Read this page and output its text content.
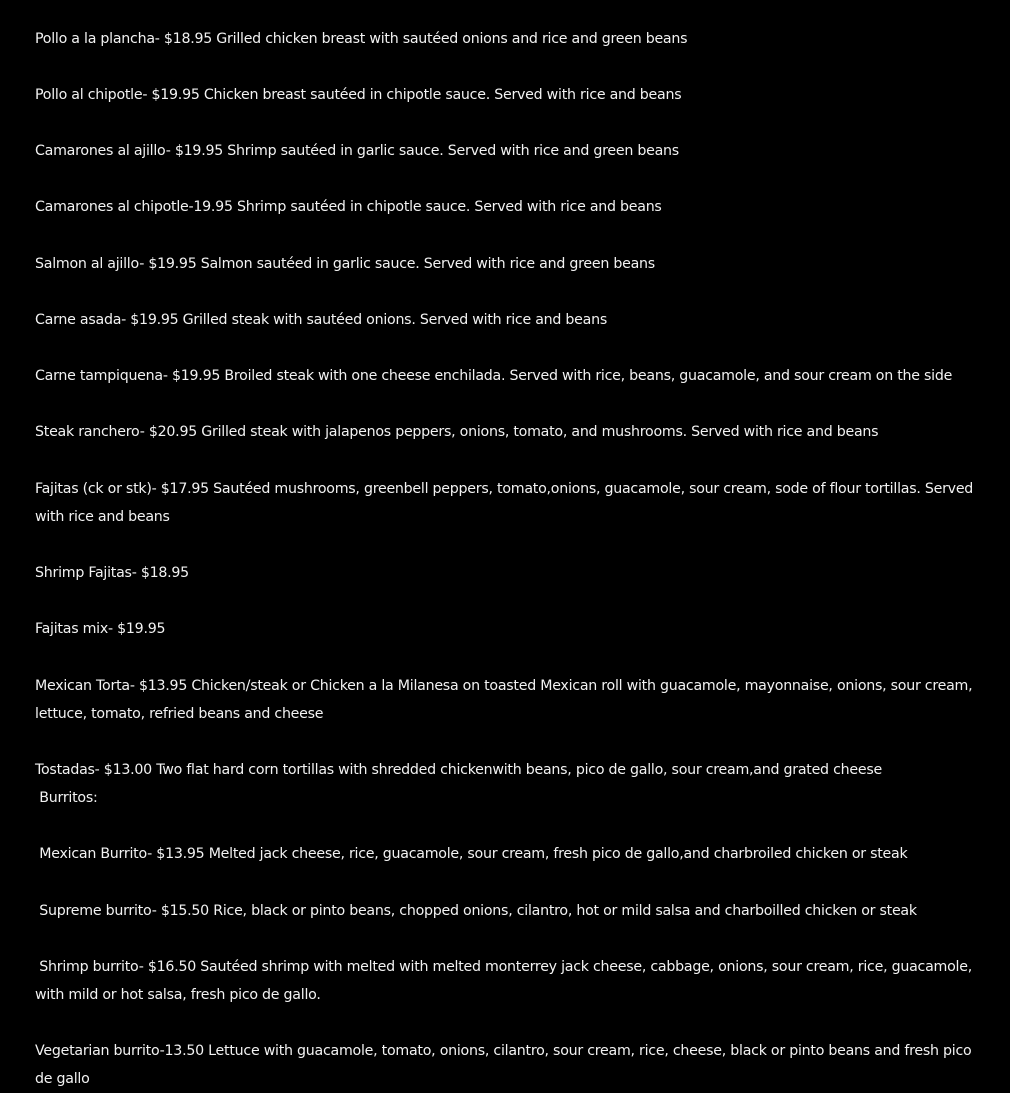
Pollo a la plancha- $18.95 Grilled chicken breast with sautéed onions and rice and green beans
Pollo al chipotle- $19.95 Chicken breast sautéed in chipotle sauce. Served with rice and beans
Camarones al ajillo- $19.95 Shrimp sautéed in garlic sauce. Served with rice and green beans
Camarones al chipotle-19.95 Shrimp sautéed in chipotle sauce. Served with rice and beans
Salmon al ajillo- $19.95 Salmon sautéed in garlic sauce. Served with rice and green beans
Carne asada- $19.95 Grilled steak with sautéed onions. Served with rice and beans
Carne tampiquena- $19.95 Broiled steak with one cheese enchilada. Served with rice, beans, guacamole, and sour cream on the side
Steak ranchero- $20.95 Grilled steak with jalapenos peppers, onions, tomato, and mushrooms. Served with rice and beans
Fajitas (ck or stk)- $17.95 Sautéed mushrooms, greenbell peppers, tomato,onions, guacamole, sour cream, sode of flour tortillas. Served with rice and beans
Shrimp Fajitas- $18.95
Fajitas mix- $19.95
Mexican Torta- $13.95 Chicken/steak or Chicken a la Milanesa on toasted Mexican roll with guacamole, mayonnaise, onions, sour cream, lettuce, tomato, refried beans and cheese
Tostadas- $13.00 Two flat hard corn tortillas with shredded chickenwith beans, pico de gallo, sour cream,and grated cheese
Burritos:
Mexican Burrito- $13.95 Melted jack cheese, rice, guacamole, sour cream, fresh pico de gallo,and charbroiled chicken or steak
Supreme burrito- $15.50 Rice, black or pinto beans, chopped onions, cilantro, hot or mild salsa and charboilled chicken or steak
Shrimp burrito- $16.50 Sautéed shrimp with melted with melted monterrey jack cheese, cabbage, onions, sour cream, rice, guacamole, with mild or hot salsa, fresh pico de gallo.
Vegetarian burrito-13.50 Lettuce with guacamole, tomato, onions, cilantro, sour cream, rice, cheese, black or pinto beans and fresh pico de gallo
